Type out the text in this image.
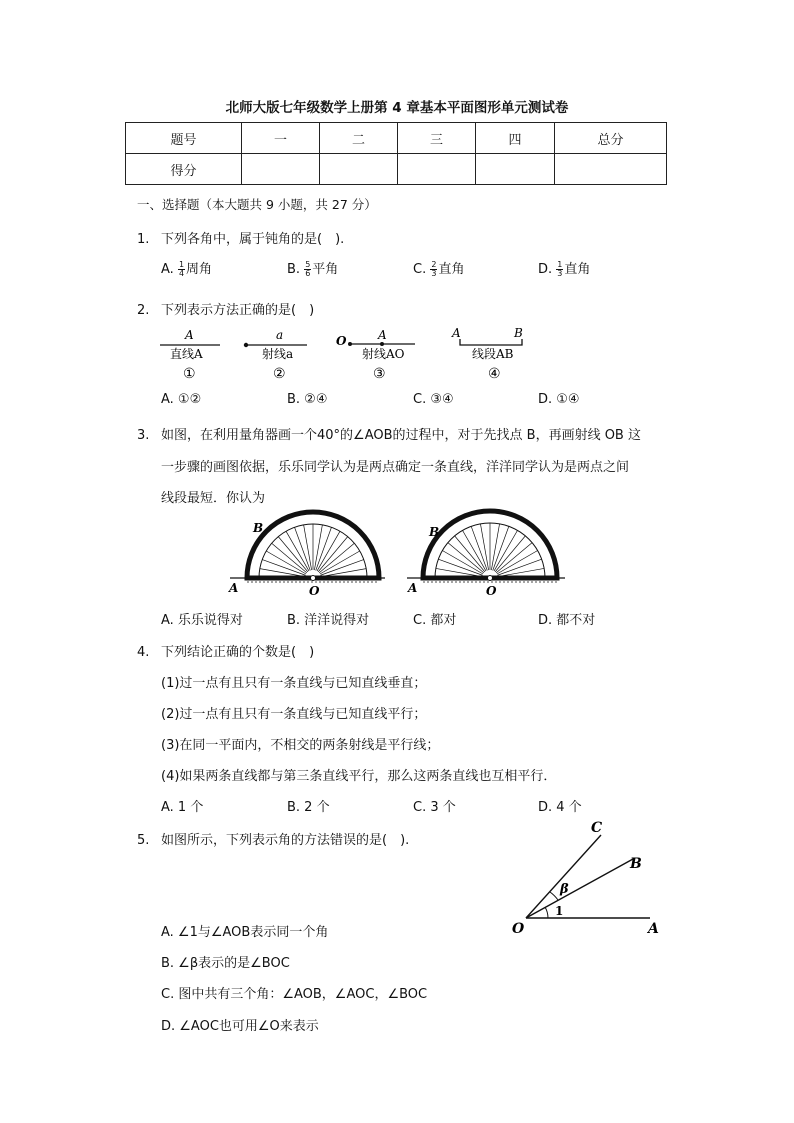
北师大版七年级数学上册第 4 章基本平面图形单元测试卷
题号	一	二	三	四	总分
得分					
一、选择题（本大题共 9 小题，共 27 分）
1. 下列各角中，属于钝角的是(　).
A. $\frac{1}{4}$ 周角	B. $\frac{5}{6}$ 平角	C. $\frac{2}{3}$ 直角	D. $\frac{1}{3}$ 直角
2. 下列表示方法正确的是(　)
A
直线A
①
a
射线a
②
O	A
射线AO
③
A	B
线段AB
④
A. ①②	B. ②④	C. ③④	D. ①④
3. 如图，在利用量角器画一个40°的∠AOB的过程中，对于先找点 B，再画射线 OB 这
一步骤的画图依据，乐乐同学认为是两点确定一条直线，洋洋同学认为是两点之间
线段最短．你认为
B
A	O
B
A	O
A. 乐乐说得对	B. 洋洋说得对	C. 都对	D. 都不对
4. 下列结论正确的个数是(　)
(1)过一点有且只有一条直线与已知直线垂直；
(2)过一点有且只有一条直线与已知直线平行；
(3)在同一平面内，不相交的两条射线是平行线；
(4)如果两条直线都与第三条直线平行，那么这两条直线也互相平行．
A. 1 个	B. 2 个	C. 3 个	D. 4 个
5. 如图所示，下列表示角的方法错误的是(　).
C
B
O	A
β
1
A. ∠1与∠AOB表示同一个角
B. ∠β表示的是∠BOC
C. 图中共有三个角：∠AOB，∠AOC，∠BOC
D. ∠AOC也可用∠O来表示
